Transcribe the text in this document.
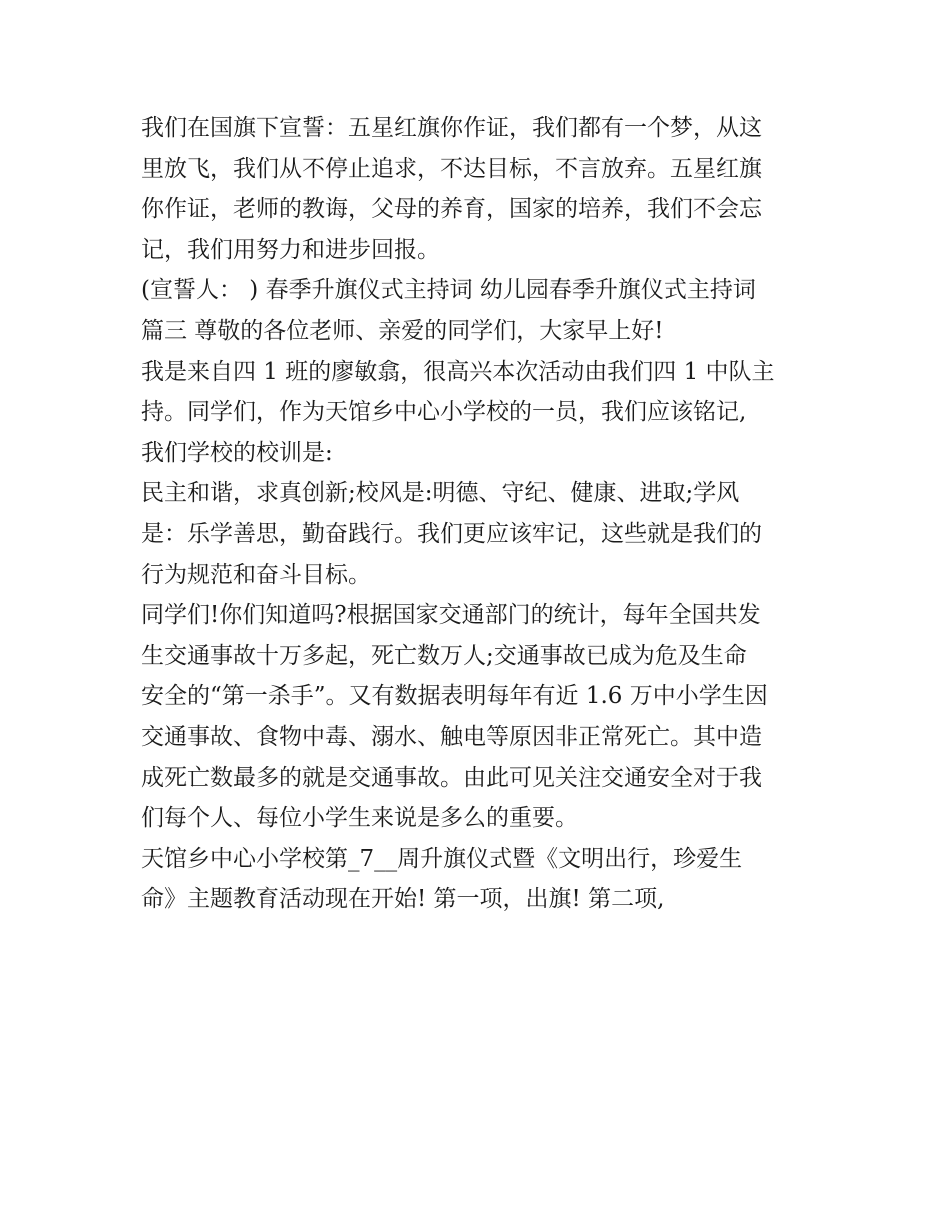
我们在国旗下宣誓：五星红旗你作证，我们都有一个梦，从这
里放飞，我们从不停止追求，不达目标，不言放弃。五星红旗
你作证，老师的教诲，父母的养育，国家的培养，我们不会忘
记，我们用努力和进步回报。
(宣誓人： ) 春季升旗仪式主持词 幼儿园春季升旗仪式主持词
篇三 尊敬的各位老师、亲爱的同学们，大家早上好!
我是来自四 1 班的廖敏翕，很高兴本次活动由我们四 1 中队主
持。同学们，作为天馆乡中心小学校的一员，我们应该铭记,
我们学校的校训是:
民主和谐，求真创新;校风是:明德、守纪、健康、进取;学风
是：乐学善思，勤奋践行。我们更应该牢记，这些就是我们的
行为规范和奋斗目标。
同学们!你们知道吗?根据国家交通部门的统计，每年全国共发
生交通事故十万多起，死亡数万人;交通事故已成为危及生命
安全的“第一杀手”。又有数据表明每年有近 1.6 万中小学生因
交通事故、食物中毒、溺水、触电等原因非正常死亡。其中造
成死亡数最多的就是交通事故。由此可见关注交通安全对于我
们每个人、每位小学生来说是多么的重要。
天馆乡中心小学校第_7__周升旗仪式暨《文明出行，珍爱生
命》主题教育活动现在开始! 第一项，出旗! 第二项,
